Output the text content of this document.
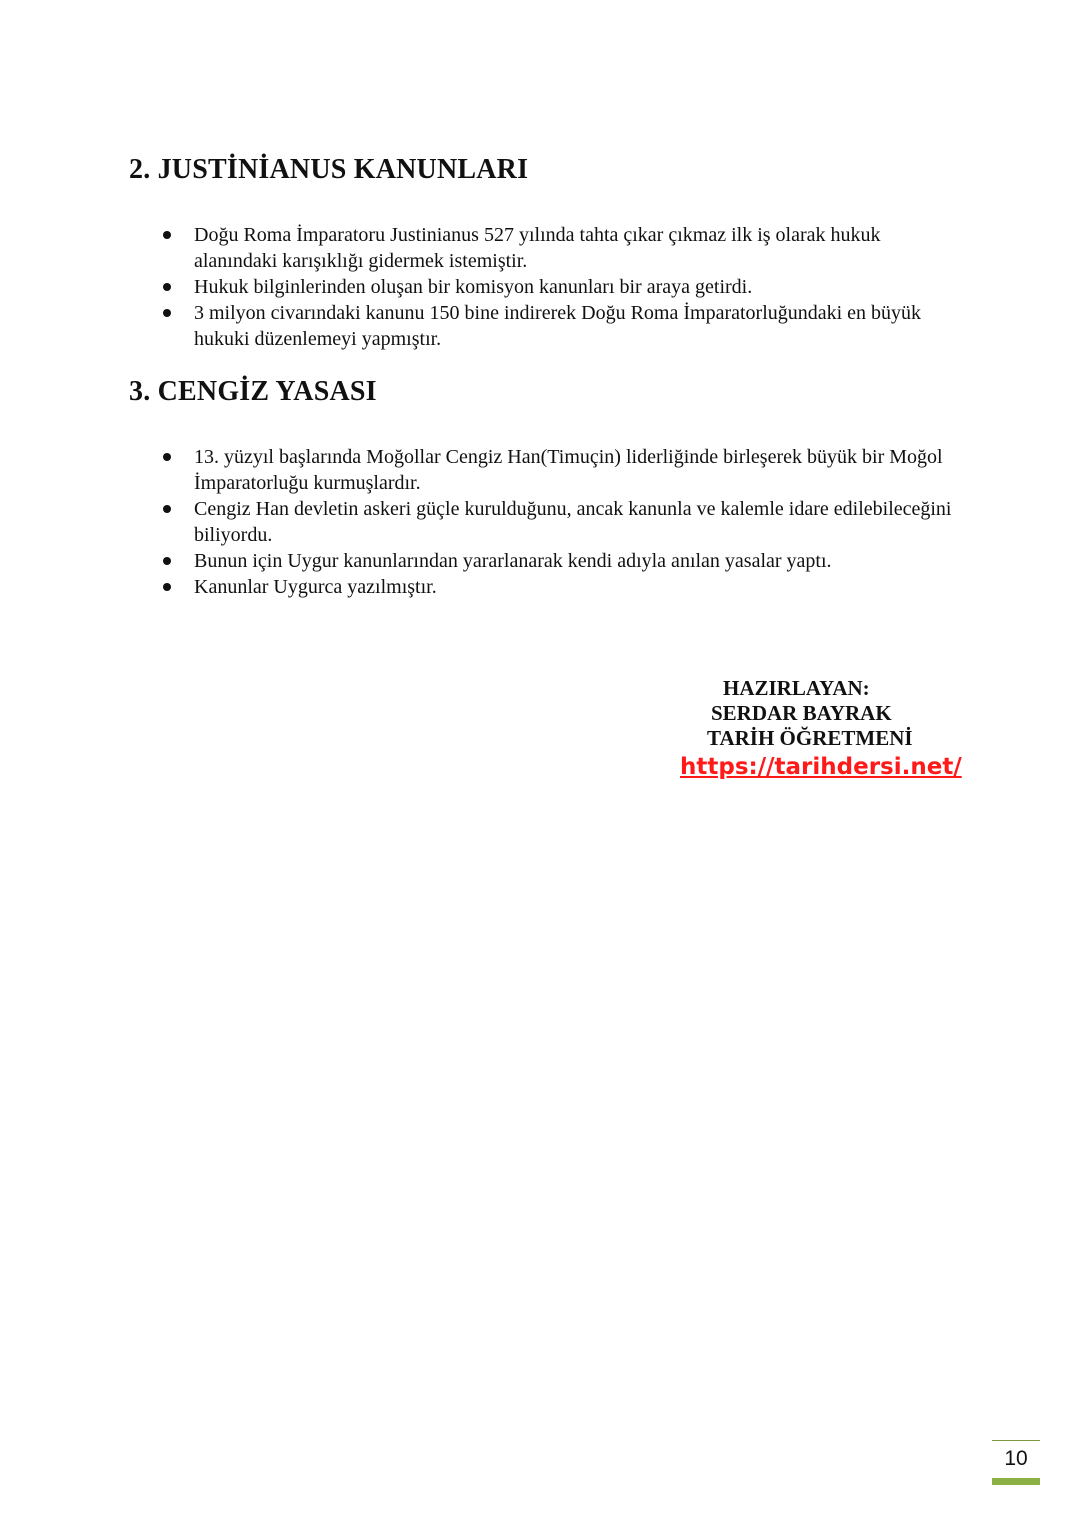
2. JUSTİNİANUS KANUNLARI
Doğu Roma İmparatoru Justinianus 527 yılında tahta çıkar çıkmaz ilk iş olarak hukuk alanındaki karışıklığı gidermek istemiştir.
Hukuk bilginlerinden oluşan bir komisyon kanunları bir araya getirdi.
3 milyon civarındaki kanunu 150 bine indirerek Doğu Roma İmparatorluğundaki en büyük hukuki düzenlemeyi yapmıştır.
3. CENGİZ YASASI
13. yüzyıl başlarında Moğollar Cengiz Han(Timuçin) liderliğinde birleşerek büyük bir Moğol İmparatorluğu kurmuşlardır.
Cengiz Han devletin askeri güçle kurulduğunu, ancak kanunla ve kalemle idare edilebileceğini biliyordu.
Bunun için Uygur kanunlarından yararlanarak kendi adıyla anılan yasalar yaptı.
Kanunlar Uygurca yazılmıştır.
HAZIRLAYAN:
SERDAR BAYRAK
TARİH ÖĞRETMENİ
https://tarihdersi.net/
10
